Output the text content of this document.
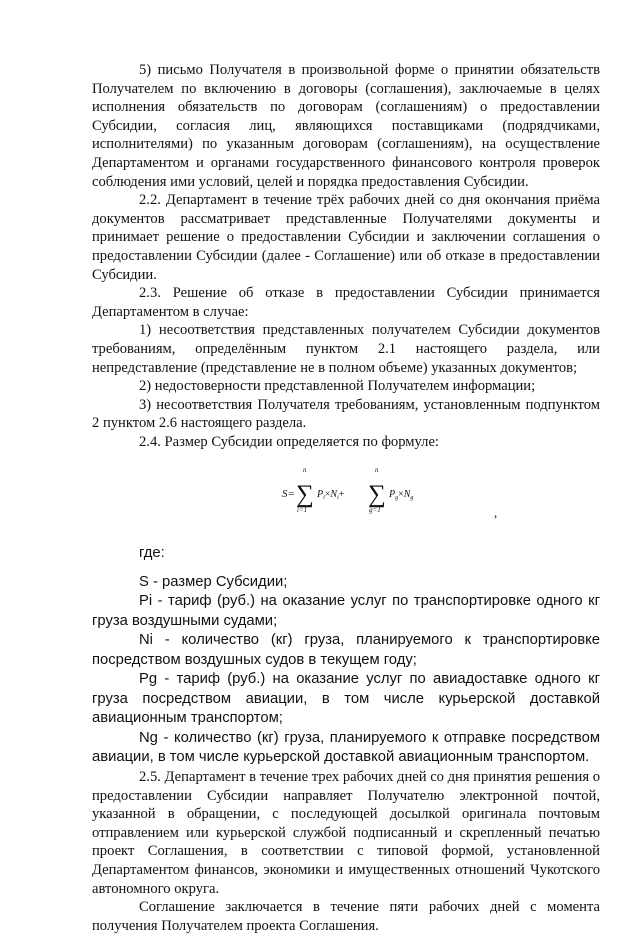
5) письмо Получателя в произвольной форме о принятии обязательств Получателем по включению в договоры (соглашения), заключаемые в целях исполнения обязательств по договорам (соглашениям) о предоставлении Субсидии, согласия лиц, являющихся поставщиками (подрядчиками, исполнителями) по указанным договорам (соглашениям), на осуществление Департаментом и органами государственного финансового контроля проверок соблюдения ими условий, целей и порядка предоставления Субсидии.

2.2. Департамент в течение трёх рабочих дней со дня окончания приёма документов рассматривает представленные Получателями документы и принимает решение о предоставлении Субсидии и заключении соглашения о предоставлении Субсидии (далее - Соглашение) или об отказе в предоставлении Субсидии.

2.3. Решение об отказе в предоставлении Субсидии принимается Департаментом в случае:

1) несоответствия представленных получателем Субсидии документов требованиям, определённым пунктом 2.1 настоящего раздела, или непредставление (представление не в полном объеме) указанных документов;

2) недостоверности представленной Получателем информации;

3) несоответствия Получателя требованиям, установленным подпунктом 2 пунктом 2.6 настоящего раздела.

2.4. Размер Субсидии определяется по формуле:

S=
n
∑
i=1
$P_i\times N_i+$
n
∑
g=1
$P_g\times N_g$
,

где:

S - размер Субсидии;

Pi - тариф (руб.) на оказание услуг по транспортировке одного кг груза воздушными судами;

Ni - количество (кг) груза, планируемого к транспортировке посредством воздушных судов в текущем году;

Pg - тариф (руб.) на оказание услуг по авиадоставке одного кг груза посредством авиации, в том числе курьерской доставкой авиационным транспортом;

Ng - количество (кг) груза, планируемого к отправке посредством авиации, в том числе курьерской доставкой авиационным транспортом.

2.5. Департамент в течение трех рабочих дней со дня принятия решения о предоставлении Субсидии направляет Получателю электронной почтой, указанной в обращении, с последующей досылкой оригинала почтовым отправлением или курьерской службой подписанный и скрепленный печатью проект Соглашения, в соответствии с типовой формой, установленной Департаментом финансов, экономики и имущественных отношений Чукотского автономного округа.

Соглашение заключается в течение пяти рабочих дней с момента получения Получателем проекта Соглашения.
